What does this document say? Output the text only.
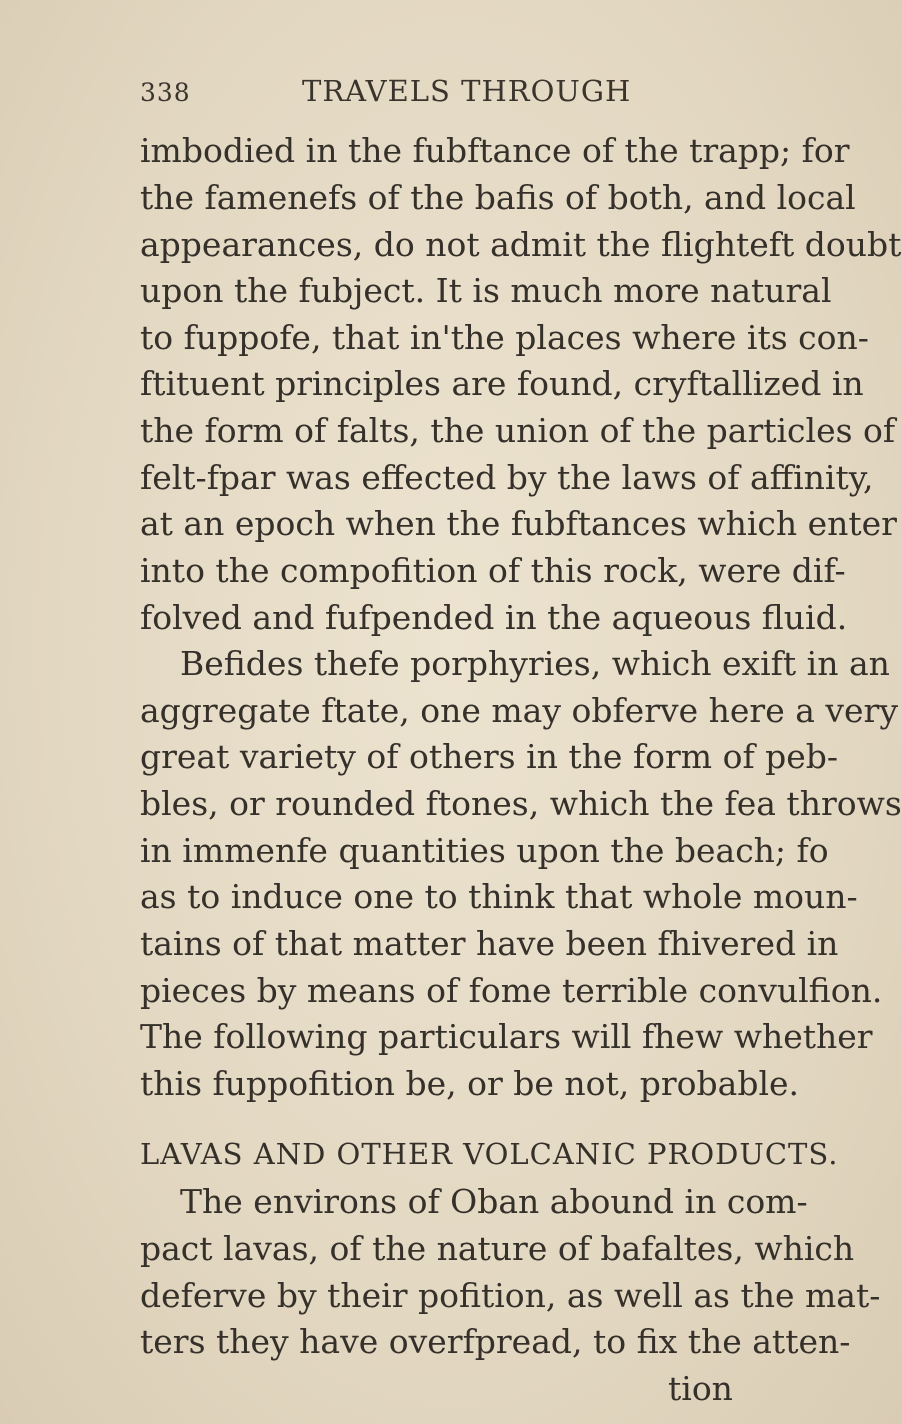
338	TRAVELS THROUGH
imbodied in the fubftance of the trapp; for
the famenefs of the bafis of both, and local
appearances, do not admit the flighteft doubt
upon the fubject. It is much more natural
to fuppofe, that in'the places where its con-
ftituent principles are found, cryftallized in
the form of falts, the union of the particles of
felt-fpar was effected by the laws of affinity,
at an epoch when the fubftances which enter
into the compofition of this rock, were dif-
folved and fufpended in the aqueous fluid.
Befides thefe porphyries, which exift in an
aggregate ftate, one may obferve here a very
great variety of others in the form of peb-
bles, or rounded ftones, which the fea throws
in immenfe quantities upon the beach; fo
as to induce one to think that whole moun-
tains of that matter have been fhivered in
pieces by means of fome terrible convulfion.
The following particulars will fhew whether
this fuppofition be, or be not, probable.
LAVAS AND OTHER VOLCANIC PRODUCTS.
The environs of Oban abound in com-
pact lavas, of the nature of bafaltes, which
deferve by their pofition, as well as the mat-
ters they have overfpread, to fix the atten-
tion
